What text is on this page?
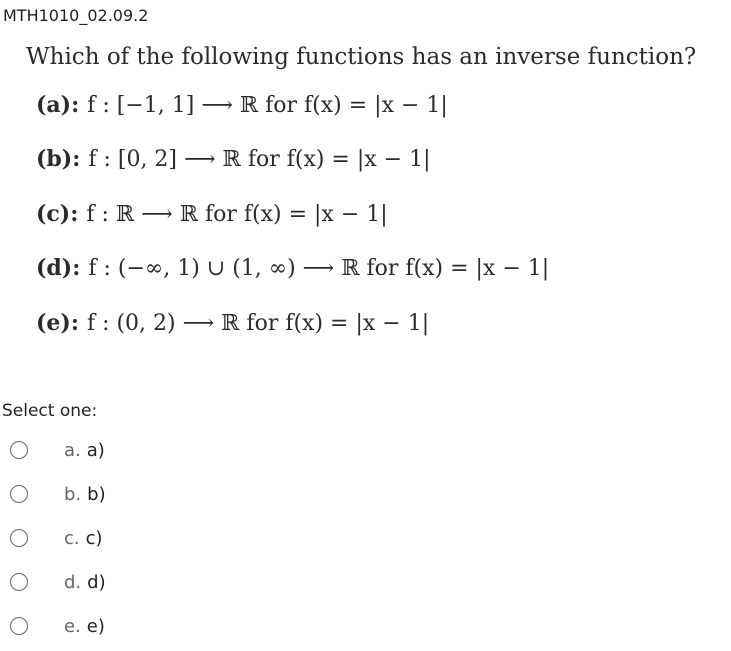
MTH1010_02.09.2
Which of the following functions has an inverse function?
(a): f : [−1, 1] ⟶ ℝ for f(x) = |x − 1|
(b): f : [0, 2] ⟶ ℝ for f(x) = |x − 1|
(c): f : ℝ ⟶ ℝ for f(x) = |x − 1|
(d): f : (−∞, 1) ∪ (1, ∞) ⟶ ℝ for f(x) = |x − 1|
(e): f : (0, 2) ⟶ ℝ for f(x) = |x − 1|
Select one:
a. a)
b. b)
c. c)
d. d)
e. e)
